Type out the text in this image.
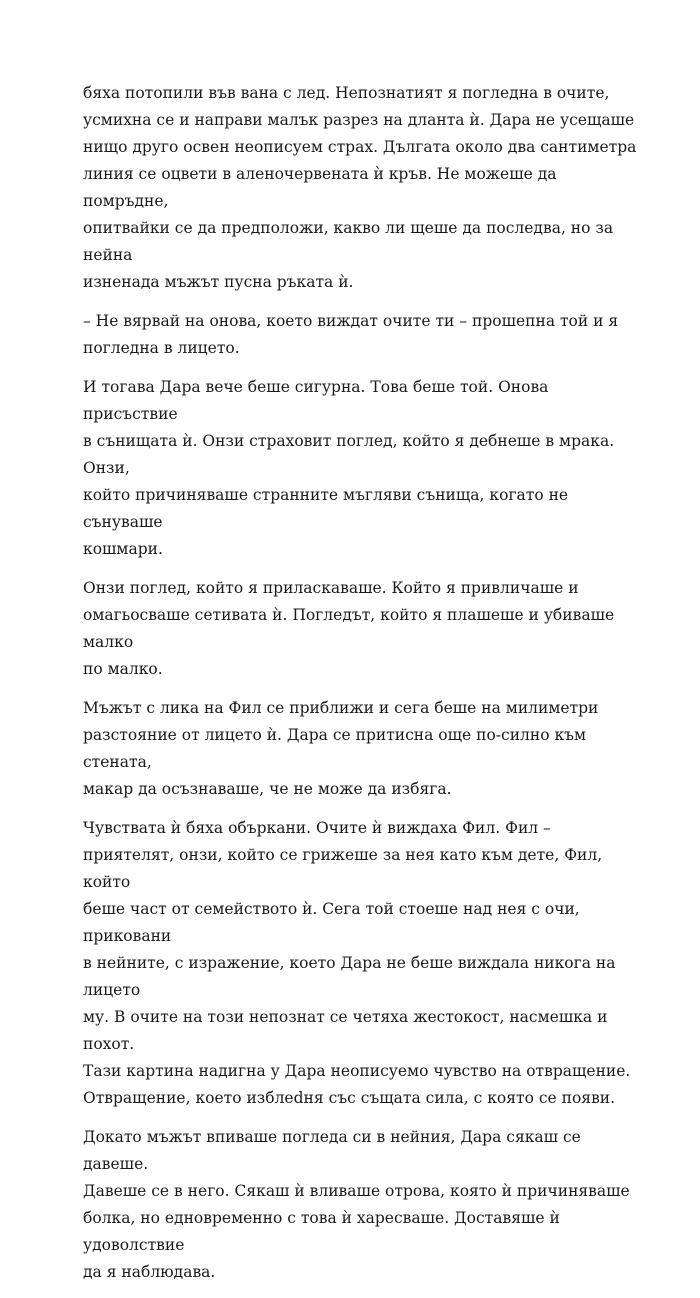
бяха потопили във вана с лед. Непознатият я погледна в очите,
усмихна се и направи малък разрез на дланта ѝ. Дара не усещаше
нищо друго освен неописуем страх. Дългата около два сантиметра
линия се оцвети в аленочервената ѝ кръв. Не можеше да помръдне,
опитвайки се да предположи, какво ли щеше да последва, но за нейна
изненада мъжът пусна ръката ѝ.

– Не вярвай на онова, което виждат очите ти – прошепна той и я
погледна в лицето.

И тогава Дара вече беше сигурна. Това беше той. Онова присъствие
в сънищата ѝ. Онзи страховит поглед, който я дебнеше в мрака. Онзи,
който причиняваше странните мъгляви сънища, когато не сънуваше
кошмари.

Онзи поглед, който я приласкаваше. Който я привличаше и
омагьосваше сетивата ѝ. Погледът, който я плашеше и убиваше малко
по малко.

Мъжът с лика на Фил се приближи и сега беше на милиметри
разстояние от лицето ѝ. Дара се притисна още по-силно към стената,
макар да осъзнаваше, че не може да избяга.

Чувствата ѝ бяха объркани. Очите ѝ виждаха Фил. Фил –
приятелят, онзи, който се грижеше за нея като към дете, Фил, който
беше част от семейството ѝ. Сега той стоеше над нея с очи, приковани
в нейните, с изражение, което Дара не беше виждала никога на лицето
му. В очите на този непознат се четяха жестокост, насмешка и похот.
Тази картина надигна у Дара неописуемо чувство на отвращение.
Отвращение, което изблedня със същата сила, с която се появи.

Докато мъжът впиваше погледа си в нейния, Дара сякаш се давеше.
Давеше се в него. Сякаш ѝ вливаше отрова, която ѝ причиняваше
болка, но едновременно с това ѝ харесваше. Доставяше ѝ удоволствие
да я наблюдава.
